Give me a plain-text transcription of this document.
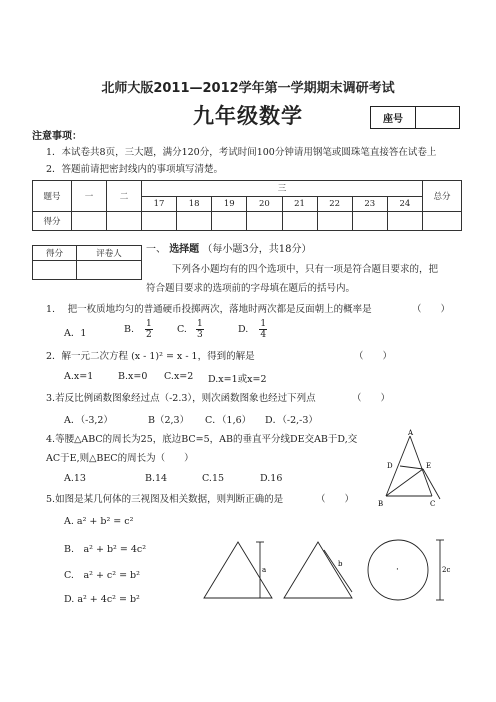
北师大版2011—2012学年第一学期期末调研考试
九年级数学	座号
注意事项：
1．本试卷共8页，三大题，满分120分，考试时间100分钟请用钢笔或圆珠笔直接答在试卷上
2．答题前请把密封线内的事项填写清楚。
题号	一	二	三								总分
			17	18	19	20	21	22	23	24	
得分											
得分	评卷人
	一、 选择题 （每小题3分，共18分）
下列各小题均有的四个选项中，只有一项是符合题目要求的，把
符合题目要求的选项前的字母填在题后的括号内。
1.　 把一枚质地均匀的普通硬币投掷两次，落地时两次都是反面朝上的概率是	（　　）
A．1	B. $\frac{1}{2}$	C. $\frac{1}{3}$	D. $\frac{1}{4}$
2．解一元二次方程 (x - 1)² = x - 1，得到的解是	（　　）
A.x=1	B.x=0 C.x=2 D.x=1或x=2
3.若反比例函数图象经过点（-2.3），则次函数图象也经过下列点	（　　）
A．（-3,2）	B（2,3） C．（1,6） D．（-2,-3）
4.等腰△ABC的周长为25，底边BC=5，AB的垂直平分线DE交AB于D,交
AC于E,则△BEC的周长为（　　）
A.13	B.14	C.15	D.16
A
D	E
B	C
5.如图是某几何体的三视图及相关数据，则判断正确的是	（　　）
A. a² + b² = c²
B.　a² + b² = 4c²
C.　a² + c² = b²
D. a² + 4c² = b²
a
b
·	2c
